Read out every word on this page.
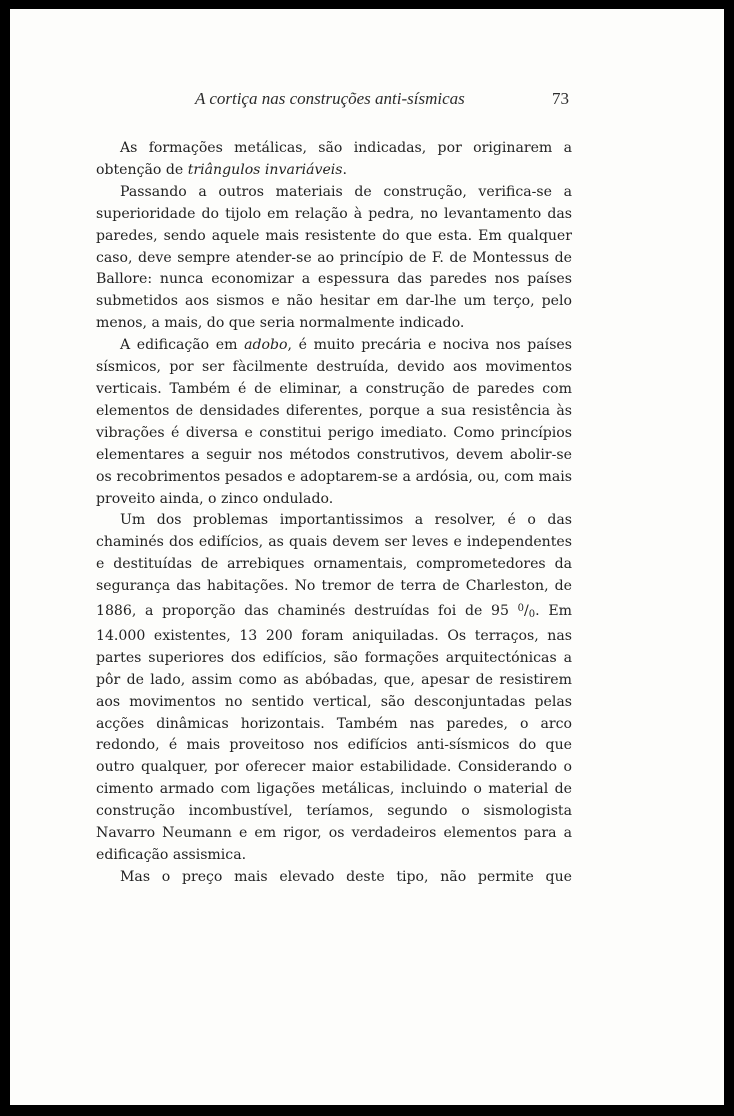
A cortiça nas construções anti-sísmicas	73

As formações metálicas, são indicadas, por originarem a obtenção de triângulos invariáveis.

Passando a outros materiais de construção, verifica-se a superioridade do tijolo em relação à pedra, no levantamento das paredes, sendo aquele mais resistente do que esta. Em qualquer caso, deve sempre atender-se ao princípio de F. de Montessus de Ballore: nunca economizar a espessura das paredes nos países submetidos aos sismos e não hesitar em dar-lhe um terço, pelo menos, a mais, do que seria normalmente indicado.

A edificação em adobo, é muito precária e nociva nos países sísmicos, por ser fàcilmente destruída, devido aos movimentos verticais. Também é de eliminar, a construção de paredes com elementos de densidades diferentes, porque a sua resistência às vibrações é diversa e constitui perigo imediato. Como princípios elementares a seguir nos métodos construtivos, devem abolir-se os recobrimentos pesados e adoptarem-se a ardósia, ou, com mais proveito ainda, o zinco ondulado.

Um dos problemas importantissimos a resolver, é o das chaminés dos edifícios, as quais devem ser leves e independentes e destituídas de arrebiques ornamentais, comprometedores da segurança das habitações. No tremor de terra de Charleston, de 1886, a proporção das chaminés destruídas foi de 95 $^0$/0. Em 14.000 existentes, 13 200 foram aniquiladas. Os terraços, nas partes superiores dos edifícios, são formações arquitectónicas a pôr de lado, assim como as abóbadas, que, apesar de resistirem aos movimentos no sentido vertical, são desconjuntadas pelas acções dinâmicas horizontais. Também nas paredes, o arco redondo, é mais proveitoso nos edifícios anti-sísmicos do que outro qualquer, por oferecer maior estabilidade. Considerando o cimento armado com ligações metálicas, incluindo o material de construção incombustível, teríamos, segundo o sismologista Navarro Neumann e em rigor, os verdadeiros elementos para a edificação assismica.

Mas o preço mais elevado deste tipo, não permite que
